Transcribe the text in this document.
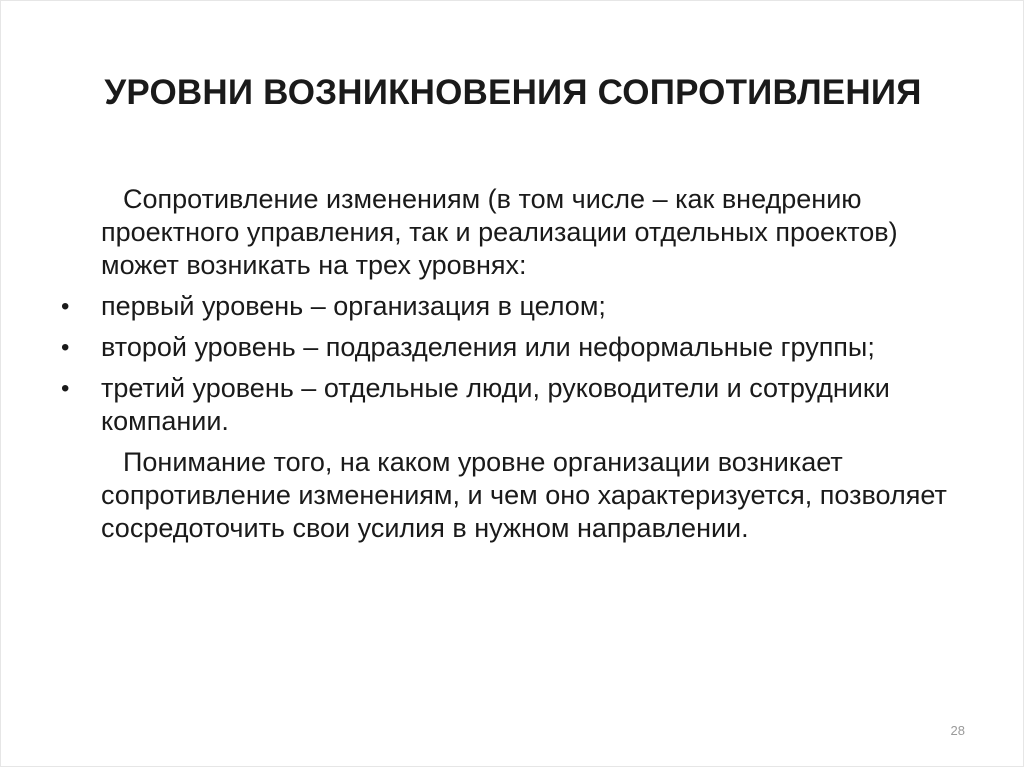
УРОВНИ ВОЗНИКНОВЕНИЯ СОПРОТИВЛЕНИЯ

Сопротивление изменениям (в том числе – как внедрению проектного управления, так и реализации отдельных проектов) может возникать на трех уровнях:

• первый уровень – организация в целом;
• второй уровень – подразделения или неформальные группы;
• третий уровень – отдельные люди, руководители и сотрудники компании.

Понимание того, на каком уровне организации возникает сопротивление изменениям, и чем оно характеризуется, позволяет сосредоточить свои усилия в нужном направлении.

28
